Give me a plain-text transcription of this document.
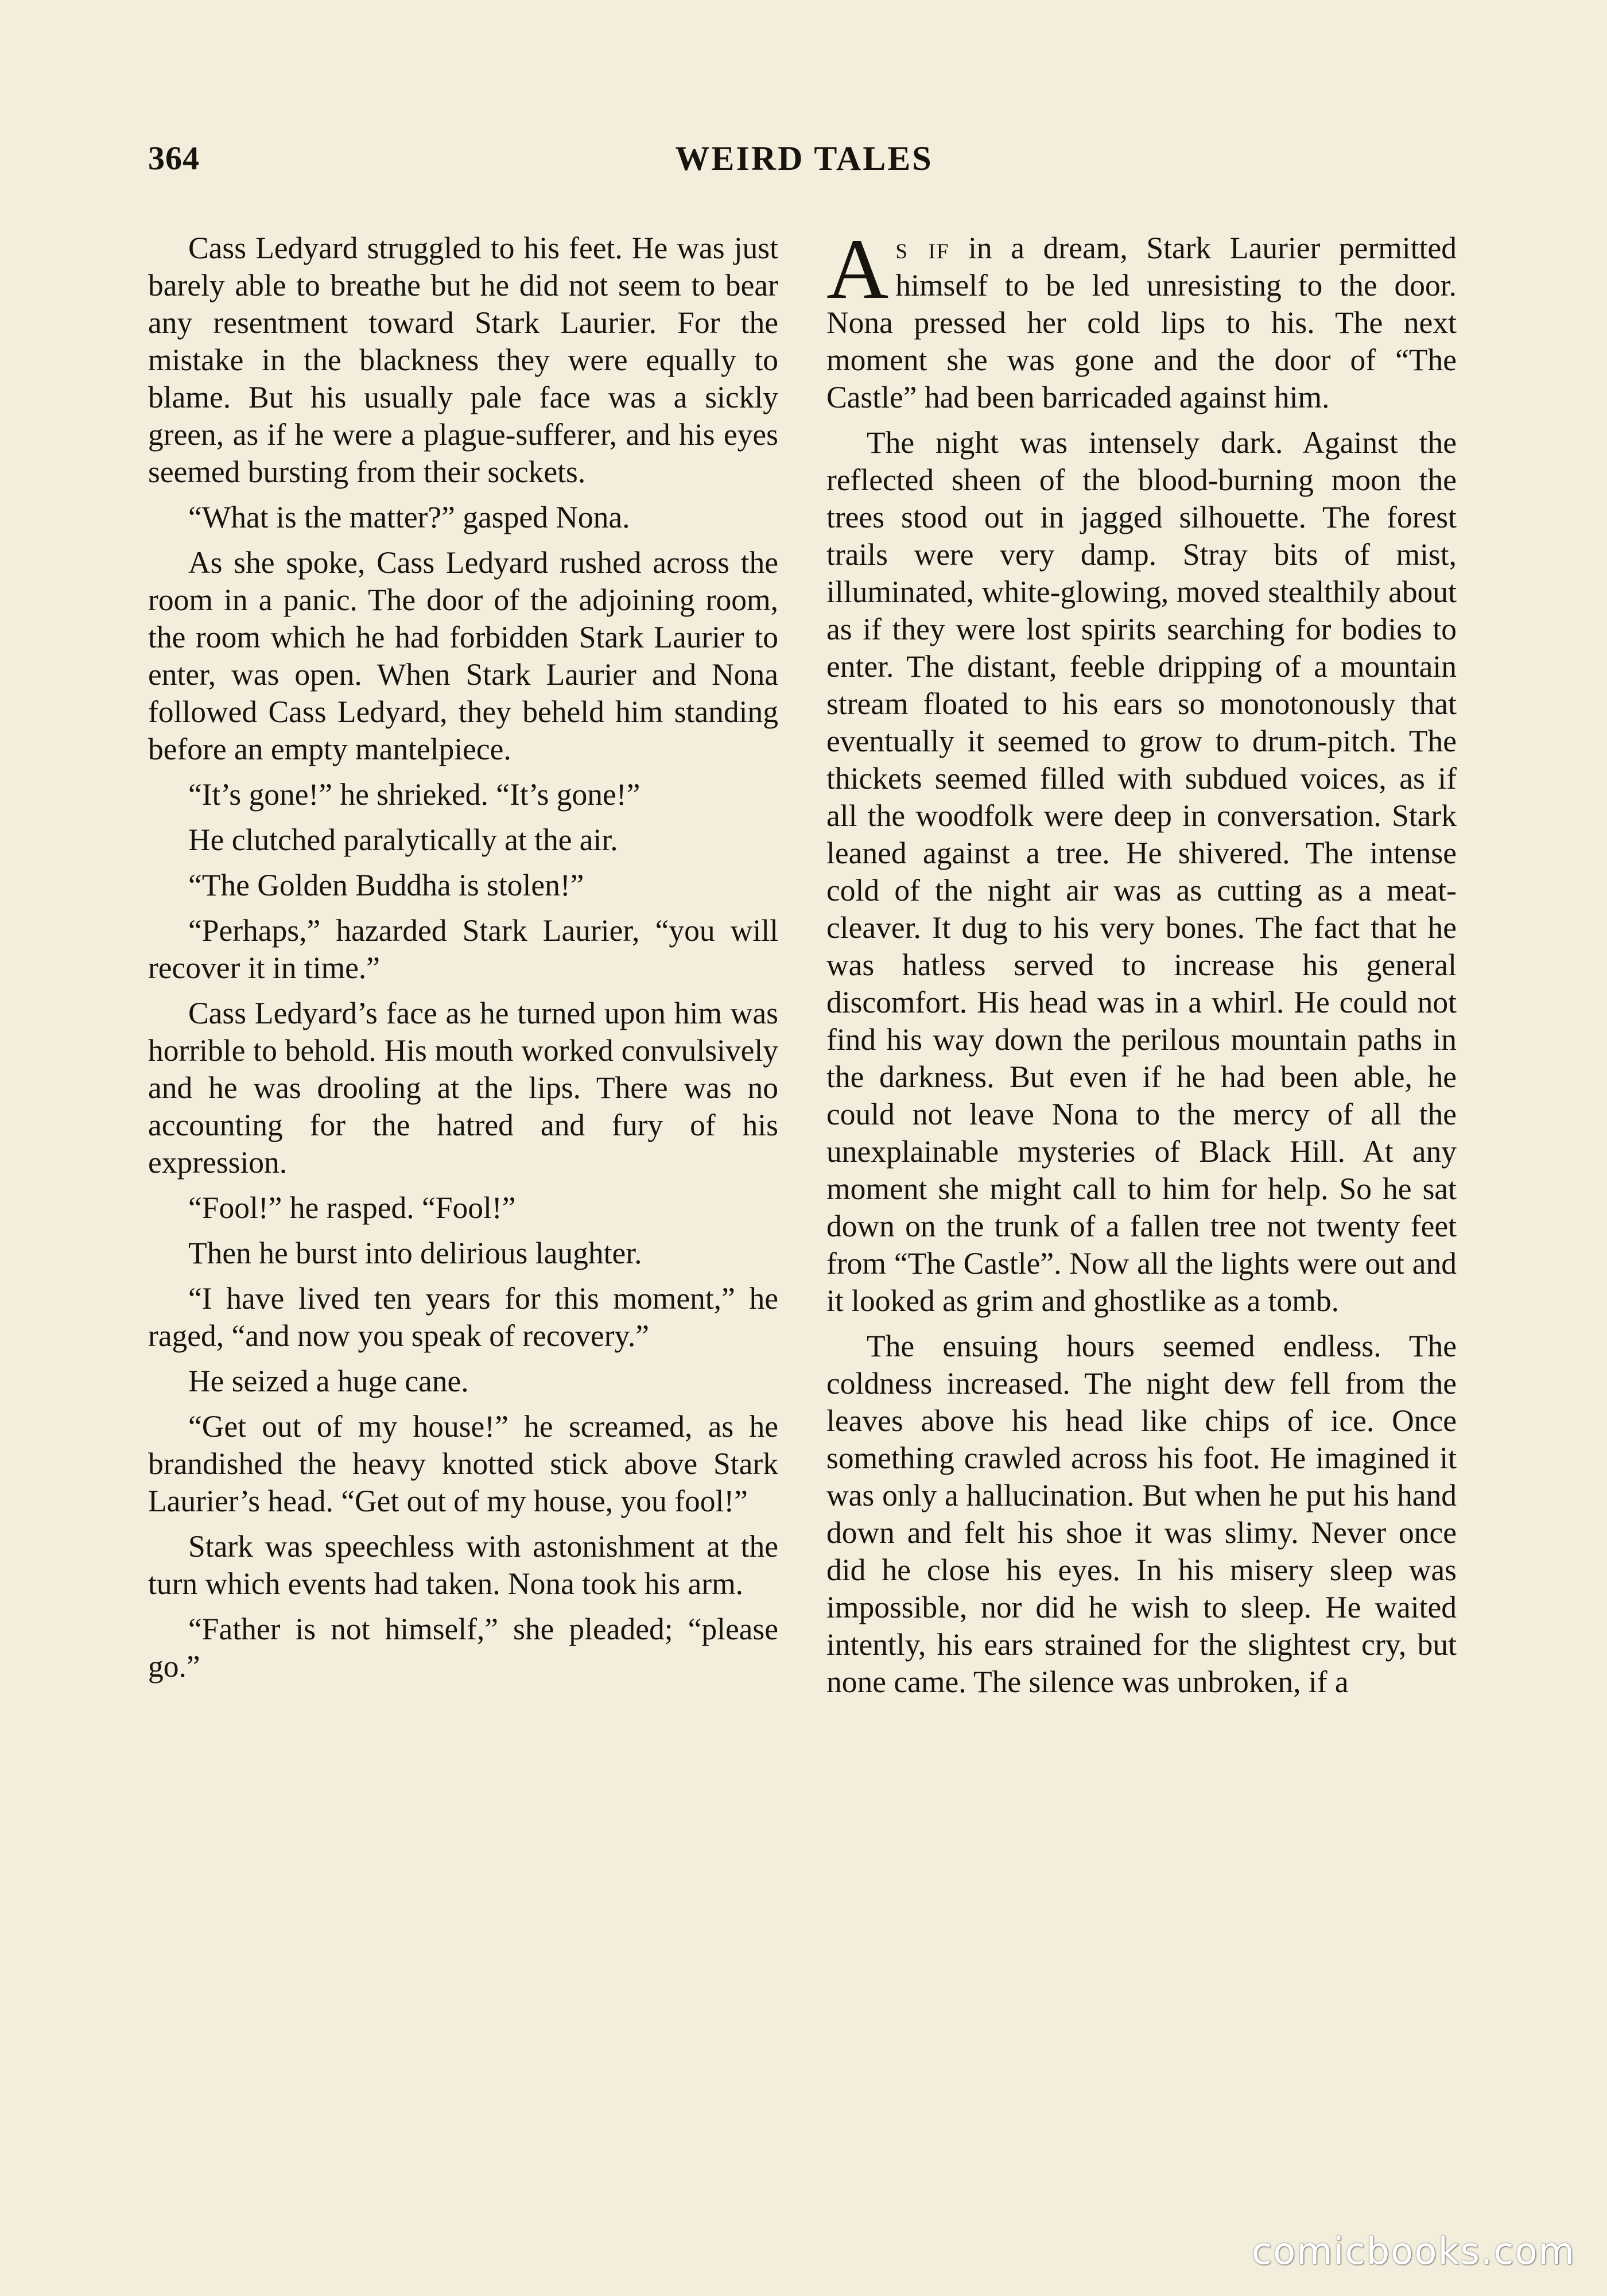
364	WEIRD TALES

Cass Ledyard struggled to his feet. He was just barely able to breathe but he did not seem to bear any resentment toward Stark Laurier. For the mistake in the blackness they were equally to blame. But his usually pale face was a sickly green, as if he were a plague-sufferer, and his eyes seemed bursting from their sockets.

“What is the matter?” gasped Nona.

As she spoke, Cass Ledyard rushed across the room in a panic. The door of the adjoining room, the room which he had forbidden Stark Laurier to enter, was open. When Stark Laurier and Nona followed Cass Ledyard, they beheld him standing before an empty mantelpiece.

“It’s gone!” he shrieked. “It’s gone!”

He clutched paralytically at the air.

“The Golden Buddha is stolen!”

“Perhaps,” hazarded Stark Laurier, “you will recover it in time.”

Cass Ledyard’s face as he turned upon him was horrible to behold. His mouth worked convulsively and he was drooling at the lips. There was no accounting for the hatred and fury of his expression.

“Fool!” he rasped. “Fool!”

Then he burst into delirious laughter.

“I have lived ten years for this moment,” he raged, “and now you speak of recovery.”

He seized a huge cane.

“Get out of my house!” he screamed, as he brandished the heavy knotted stick above Stark Laurier’s head. “Get out of my house, you fool!”

Stark was speechless with astonishment at the turn which events had taken. Nona took his arm.

“Father is not himself,” she pleaded; “please go.”

As if in a dream, Stark Laurier permitted himself to be led unresisting to the door. Nona pressed her cold lips to his. The next moment she was gone and the door of “The Castle” had been barricaded against him.

The night was intensely dark. Against the reflected sheen of the blood-burning moon the trees stood out in jagged silhouette. The forest trails were very damp. Stray bits of mist, illuminated, white-glowing, moved stealthily about as if they were lost spirits searching for bodies to enter. The distant, feeble dripping of a mountain stream floated to his ears so monotonously that eventually it seemed to grow to drum-pitch. The thickets seemed filled with subdued voices, as if all the woodfolk were deep in conversation. Stark leaned against a tree. He shivered. The intense cold of the night air was as cutting as a meat-cleaver. It dug to his very bones. The fact that he was hatless served to increase his general discomfort. His head was in a whirl. He could not find his way down the perilous mountain paths in the darkness. But even if he had been able, he could not leave Nona to the mercy of all the unexplainable mysteries of Black Hill. At any moment she might call to him for help. So he sat down on the trunk of a fallen tree not twenty feet from “The Castle”. Now all the lights were out and it looked as grim and ghostlike as a tomb.

The ensuing hours seemed endless. The coldness increased. The night dew fell from the leaves above his head like chips of ice. Once something crawled across his foot. He imagined it was only a hallucination. But when he put his hand down and felt his shoe it was slimy. Never once did he close his eyes. In his misery sleep was impossible, nor did he wish to sleep. He waited intently, his ears strained for the slightest cry, but none came. The silence was unbroken, if a

comicbooks.com
